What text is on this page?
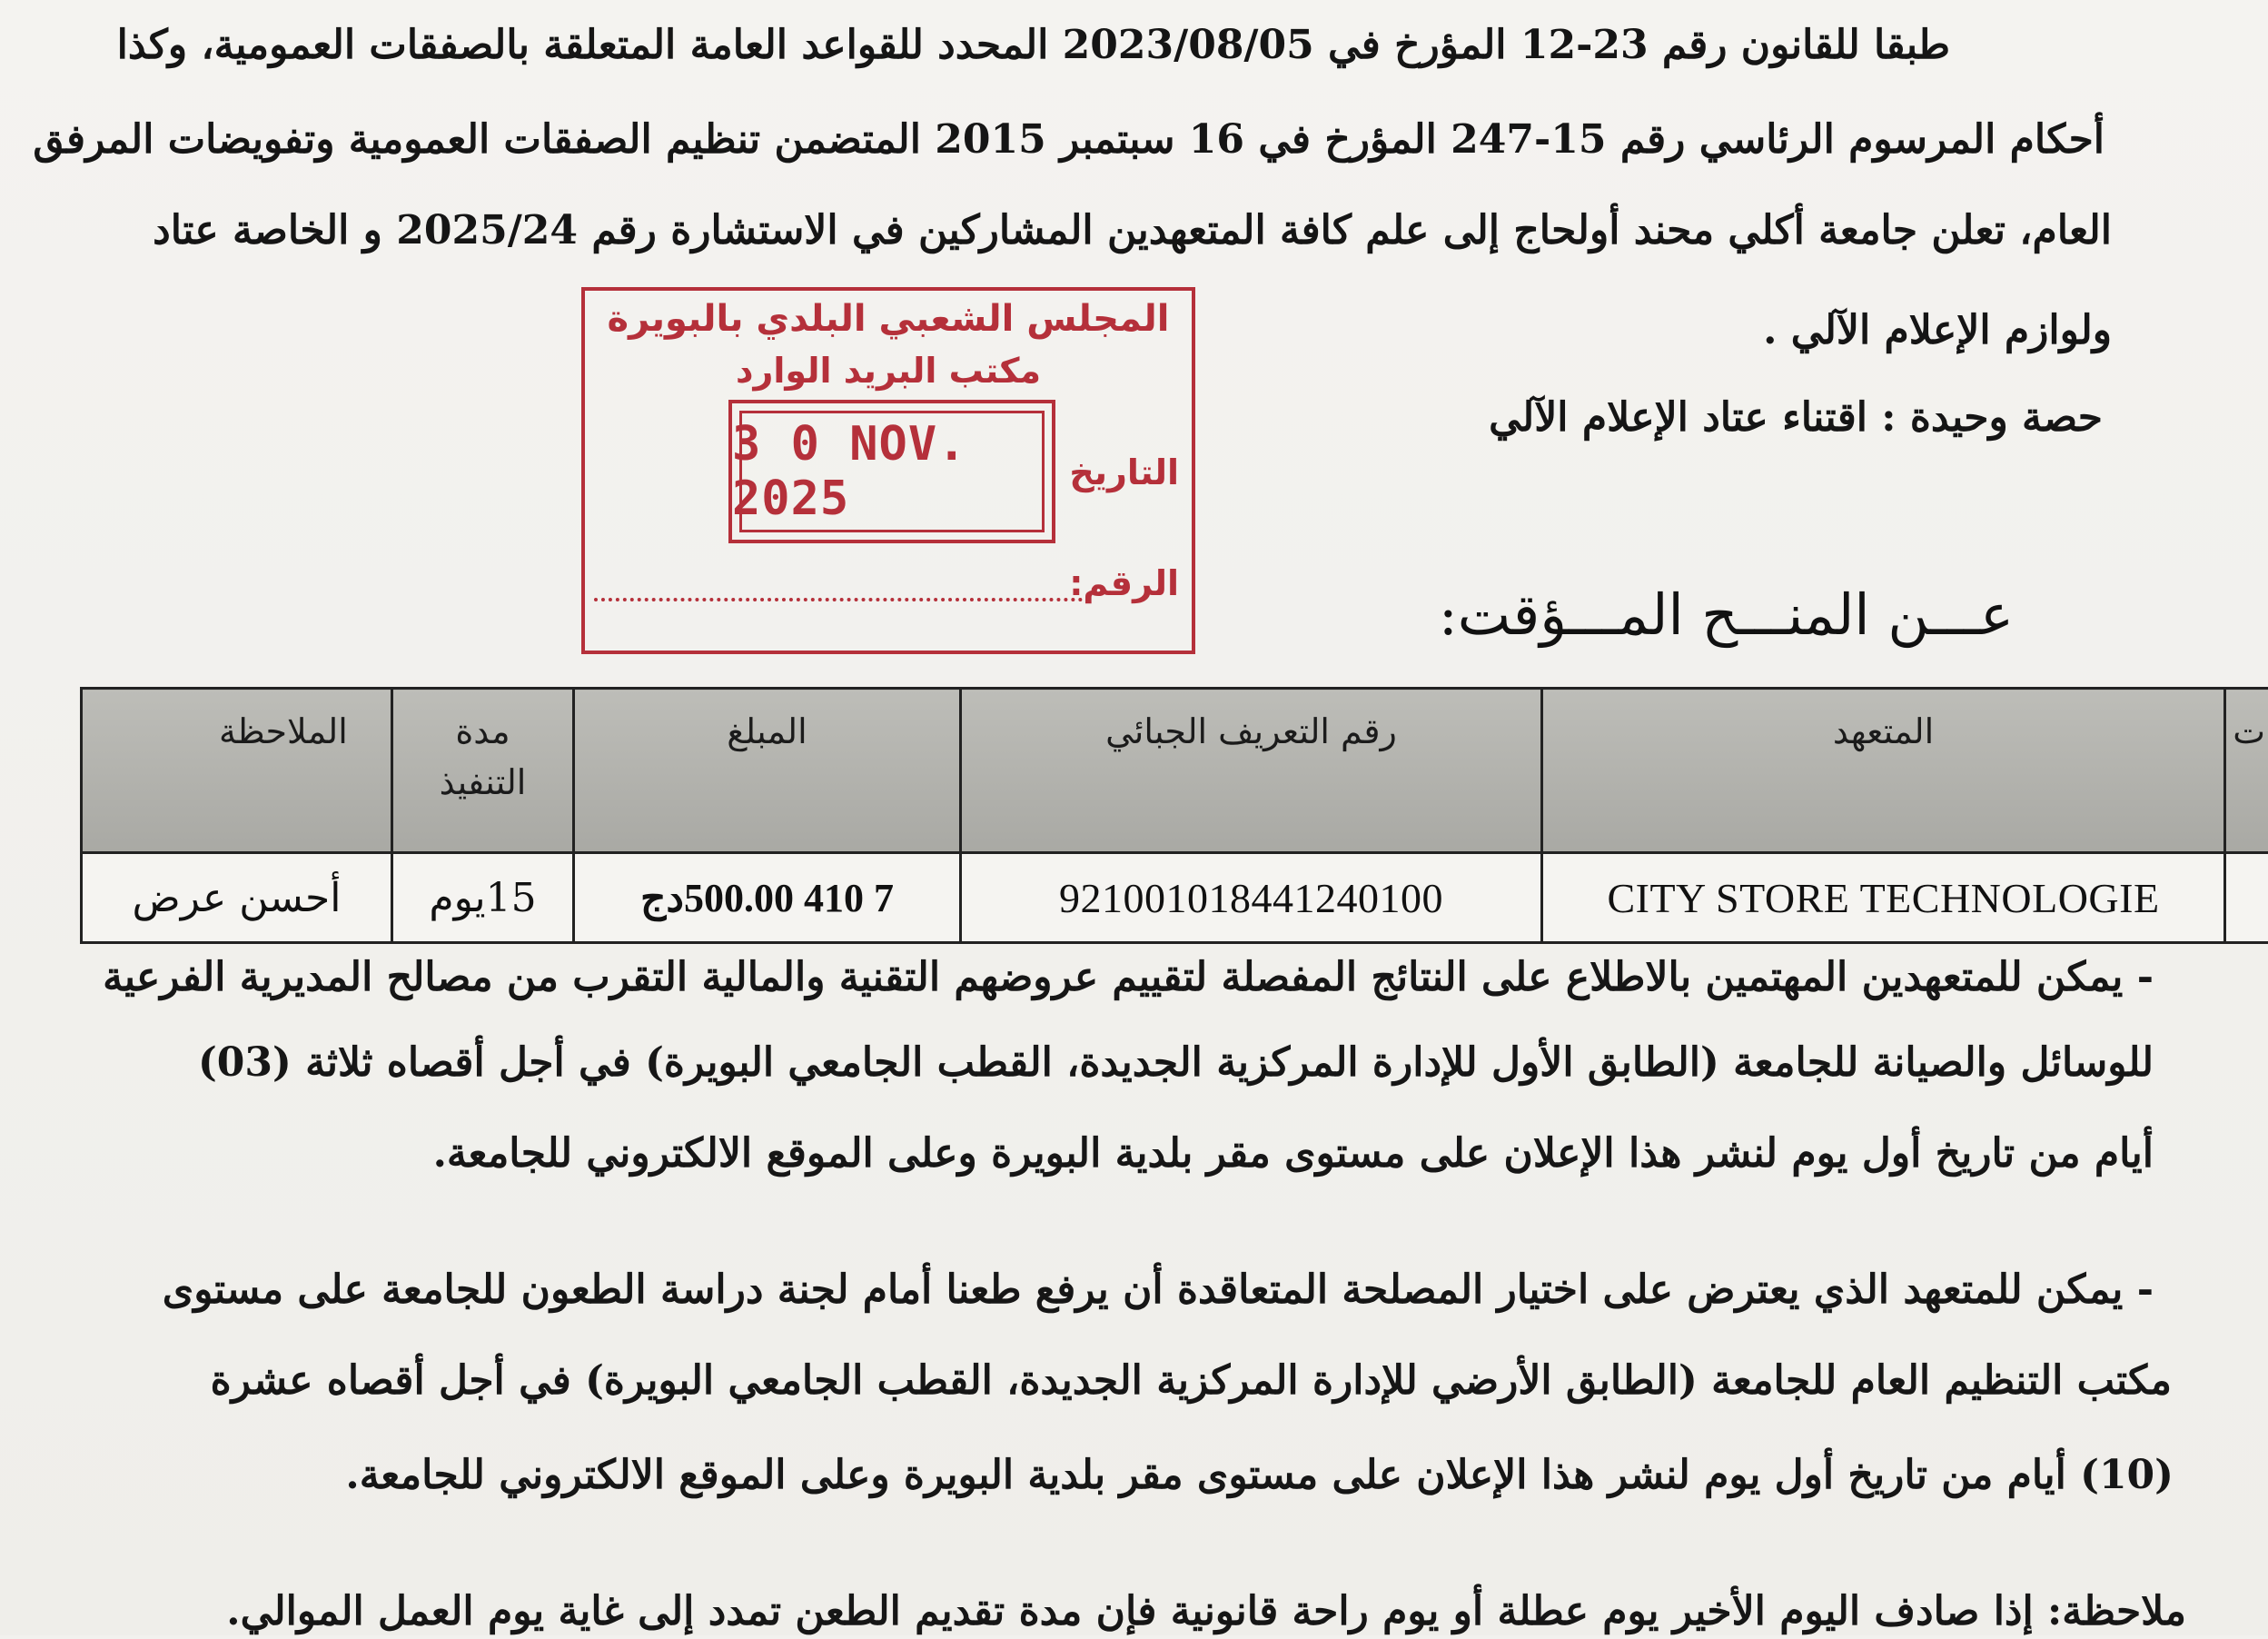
طبقا للقانون رقم 23-12 المؤرخ في 2023/08/05 المحدد للقواعد العامة المتعلقة بالصفقات العمومية، وكذا
أحكام المرسوم الرئاسي رقم 15-247 المؤرخ في 16 سبتمبر 2015 المتضمن تنظيم الصفقات العمومية وتفويضات المرفق
العام، تعلن جامعة أكلي محند أولحاج إلى علم كافة المتعهدين المشاركين في الاستشارة رقم 2025/24 و الخاصة عتاد
ولوازم الإعلام الآلي .
حصة وحيدة : اقتناء عتاد الإعلام الآلي
المجلس الشعبي البلدي بالبويرة
مكتب البريد الوارد
التاريخ
3 0 NOV. 2025
الرقم:	عـــن المنـــح المـــؤقت:
ت	المتعهد	رقم التعريف الجبائي	المبلغ	مدة التنفيذ	الملاحظة
	CITY STORE TECHNOLOGIE	921001018441240100	7 410 500.00دج	15يوم	أحسن عرض
- يمكن للمتعهدين المهتمين بالاطلاع على النتائج المفصلة لتقييم عروضهم التقنية والمالية التقرب من مصالح المديرية الفرعية
للوسائل والصيانة للجامعة (الطابق الأول للإدارة المركزية الجديدة، القطب الجامعي البويرة) في أجل أقصاه ثلاثة (03)
أيام من تاريخ أول يوم لنشر هذا الإعلان على مستوى مقر بلدية البويرة وعلى الموقع الالكتروني للجامعة.
- يمكن للمتعهد الذي يعترض على اختيار المصلحة المتعاقدة أن يرفع طعنا أمام لجنة دراسة الطعون للجامعة على مستوى
مكتب التنظيم العام للجامعة (الطابق الأرضي للإدارة المركزية الجديدة، القطب الجامعي البويرة) في أجل أقصاه عشرة
(10) أيام من تاريخ أول يوم لنشر هذا الإعلان على مستوى مقر بلدية البويرة وعلى الموقع الالكتروني للجامعة.
ملاحظة: إذا صادف اليوم الأخير يوم عطلة أو يوم راحة قانونية فإن مدة تقديم الطعن تمدد إلى غاية يوم العمل الموالي.
